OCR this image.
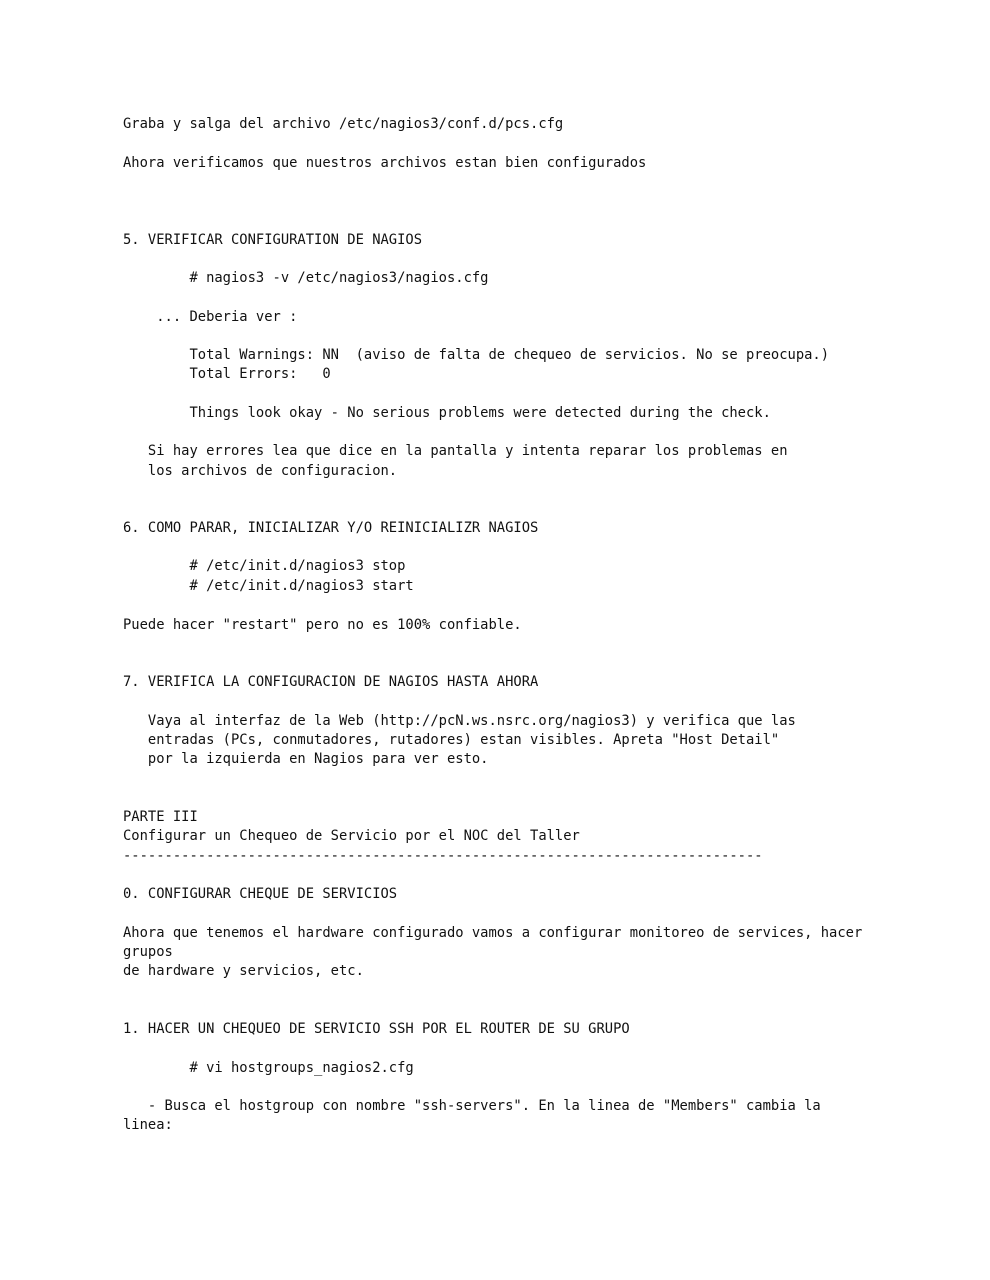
Graba y salga del archivo /etc/nagios3/conf.d/pcs.cfg

Ahora verificamos que nuestros archivos estan bien configurados

5. VERIFICAR CONFIGURATION DE NAGIOS

# nagios3 -v /etc/nagios3/nagios.cfg

... Deberia ver :

Total Warnings: NN  (aviso de falta de chequeo de servicios. No se preocupa.)

Total Errors:   0

Things look okay - No serious problems were detected during the check.

Si hay errores lea que dice en la pantalla y intenta reparar los problemas en

los archivos de configuracion.

6. COMO PARAR, INICIALIZAR Y/O REINICIALIZR NAGIOS

# /etc/init.d/nagios3 stop

# /etc/init.d/nagios3 start

Puede hacer "restart" pero no es 100% confiable.

7. VERIFICA LA CONFIGURACION DE NAGIOS HASTA AHORA

Vaya al interfaz de la Web (http://pcN.ws.nsrc.org/nagios3) y verifica que las

entradas (PCs, conmutadores, rutadores) estan visibles. Apreta "Host Detail"

por la izquierda en Nagios para ver esto.

PARTE III

Configurar un Chequeo de Servicio por el NOC del Taller

-----------------------------------------------------------------------------

0. CONFIGURAR CHEQUE DE SERVICIOS

Ahora que tenemos el hardware configurado vamos a configurar monitoreo de services, hacer

grupos

de hardware y servicios, etc.

1. HACER UN CHEQUEO DE SERVICIO SSH POR EL ROUTER DE SU GRUPO

# vi hostgroups_nagios2.cfg

- Busca el hostgroup con nombre "ssh-servers". En la linea de "Members" cambia la

linea:
